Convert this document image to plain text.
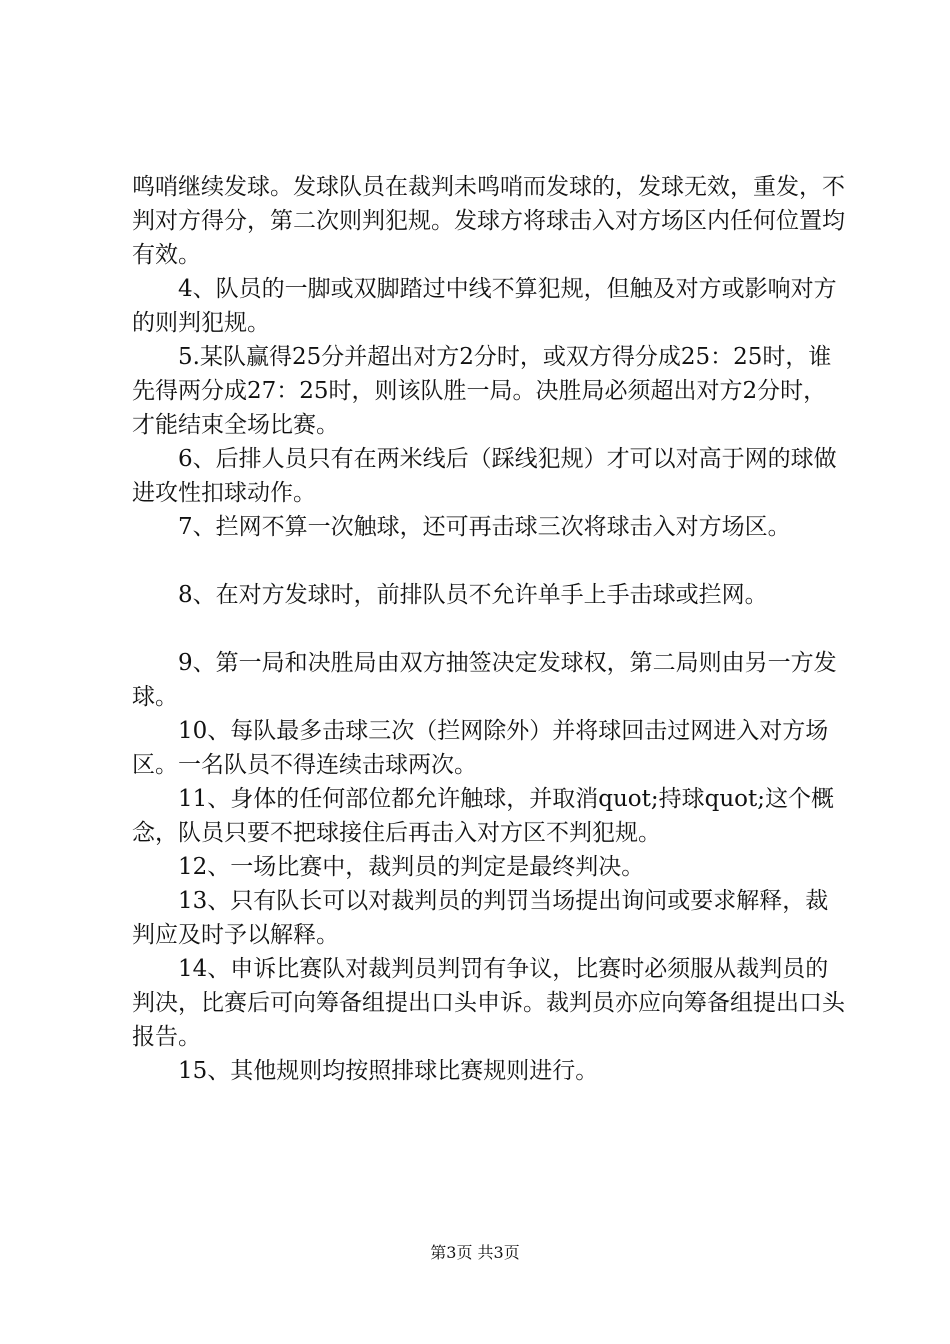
鸣哨继续发球。发球队员在裁判未鸣哨而发球的，发球无效，重发，不判对方得分，第二次则判犯规。发球方将球击入对方场区内任何位置均有效。

4、队员的一脚或双脚踏过中线不算犯规，但触及对方或影响对方的则判犯规。

5.某队赢得25分并超出对方2分时，或双方得分成25：25时，谁先得两分成27：25时，则该队胜一局。决胜局必须超出对方2分时，才能结束全场比赛。

6、后排人员只有在两米线后（踩线犯规）才可以对高于网的球做进攻性扣球动作。

7、拦网不算一次触球，还可再击球三次将球击入对方场区。

8、在对方发球时，前排队员不允许单手上手击球或拦网。

9、第一局和决胜局由双方抽签决定发球权，第二局则由另一方发球。

10、每队最多击球三次（拦网除外）并将球回击过网进入对方场区。一名队员不得连续击球两次。

11、身体的任何部位都允许触球，并取消quot;持球quot;这个概念，队员只要不把球接住后再击入对方区不判犯规。

12、一场比赛中，裁判员的判定是最终判决。

13、只有队长可以对裁判员的判罚当场提出询问或要求解释，裁判应及时予以解释。

14、申诉比赛队对裁判员判罚有争议，比赛时必须服从裁判员的判决，比赛后可向筹备组提出口头申诉。裁判员亦应向筹备组提出口头报告。

15、其他规则均按照排球比赛规则进行。

第3页 共3页
